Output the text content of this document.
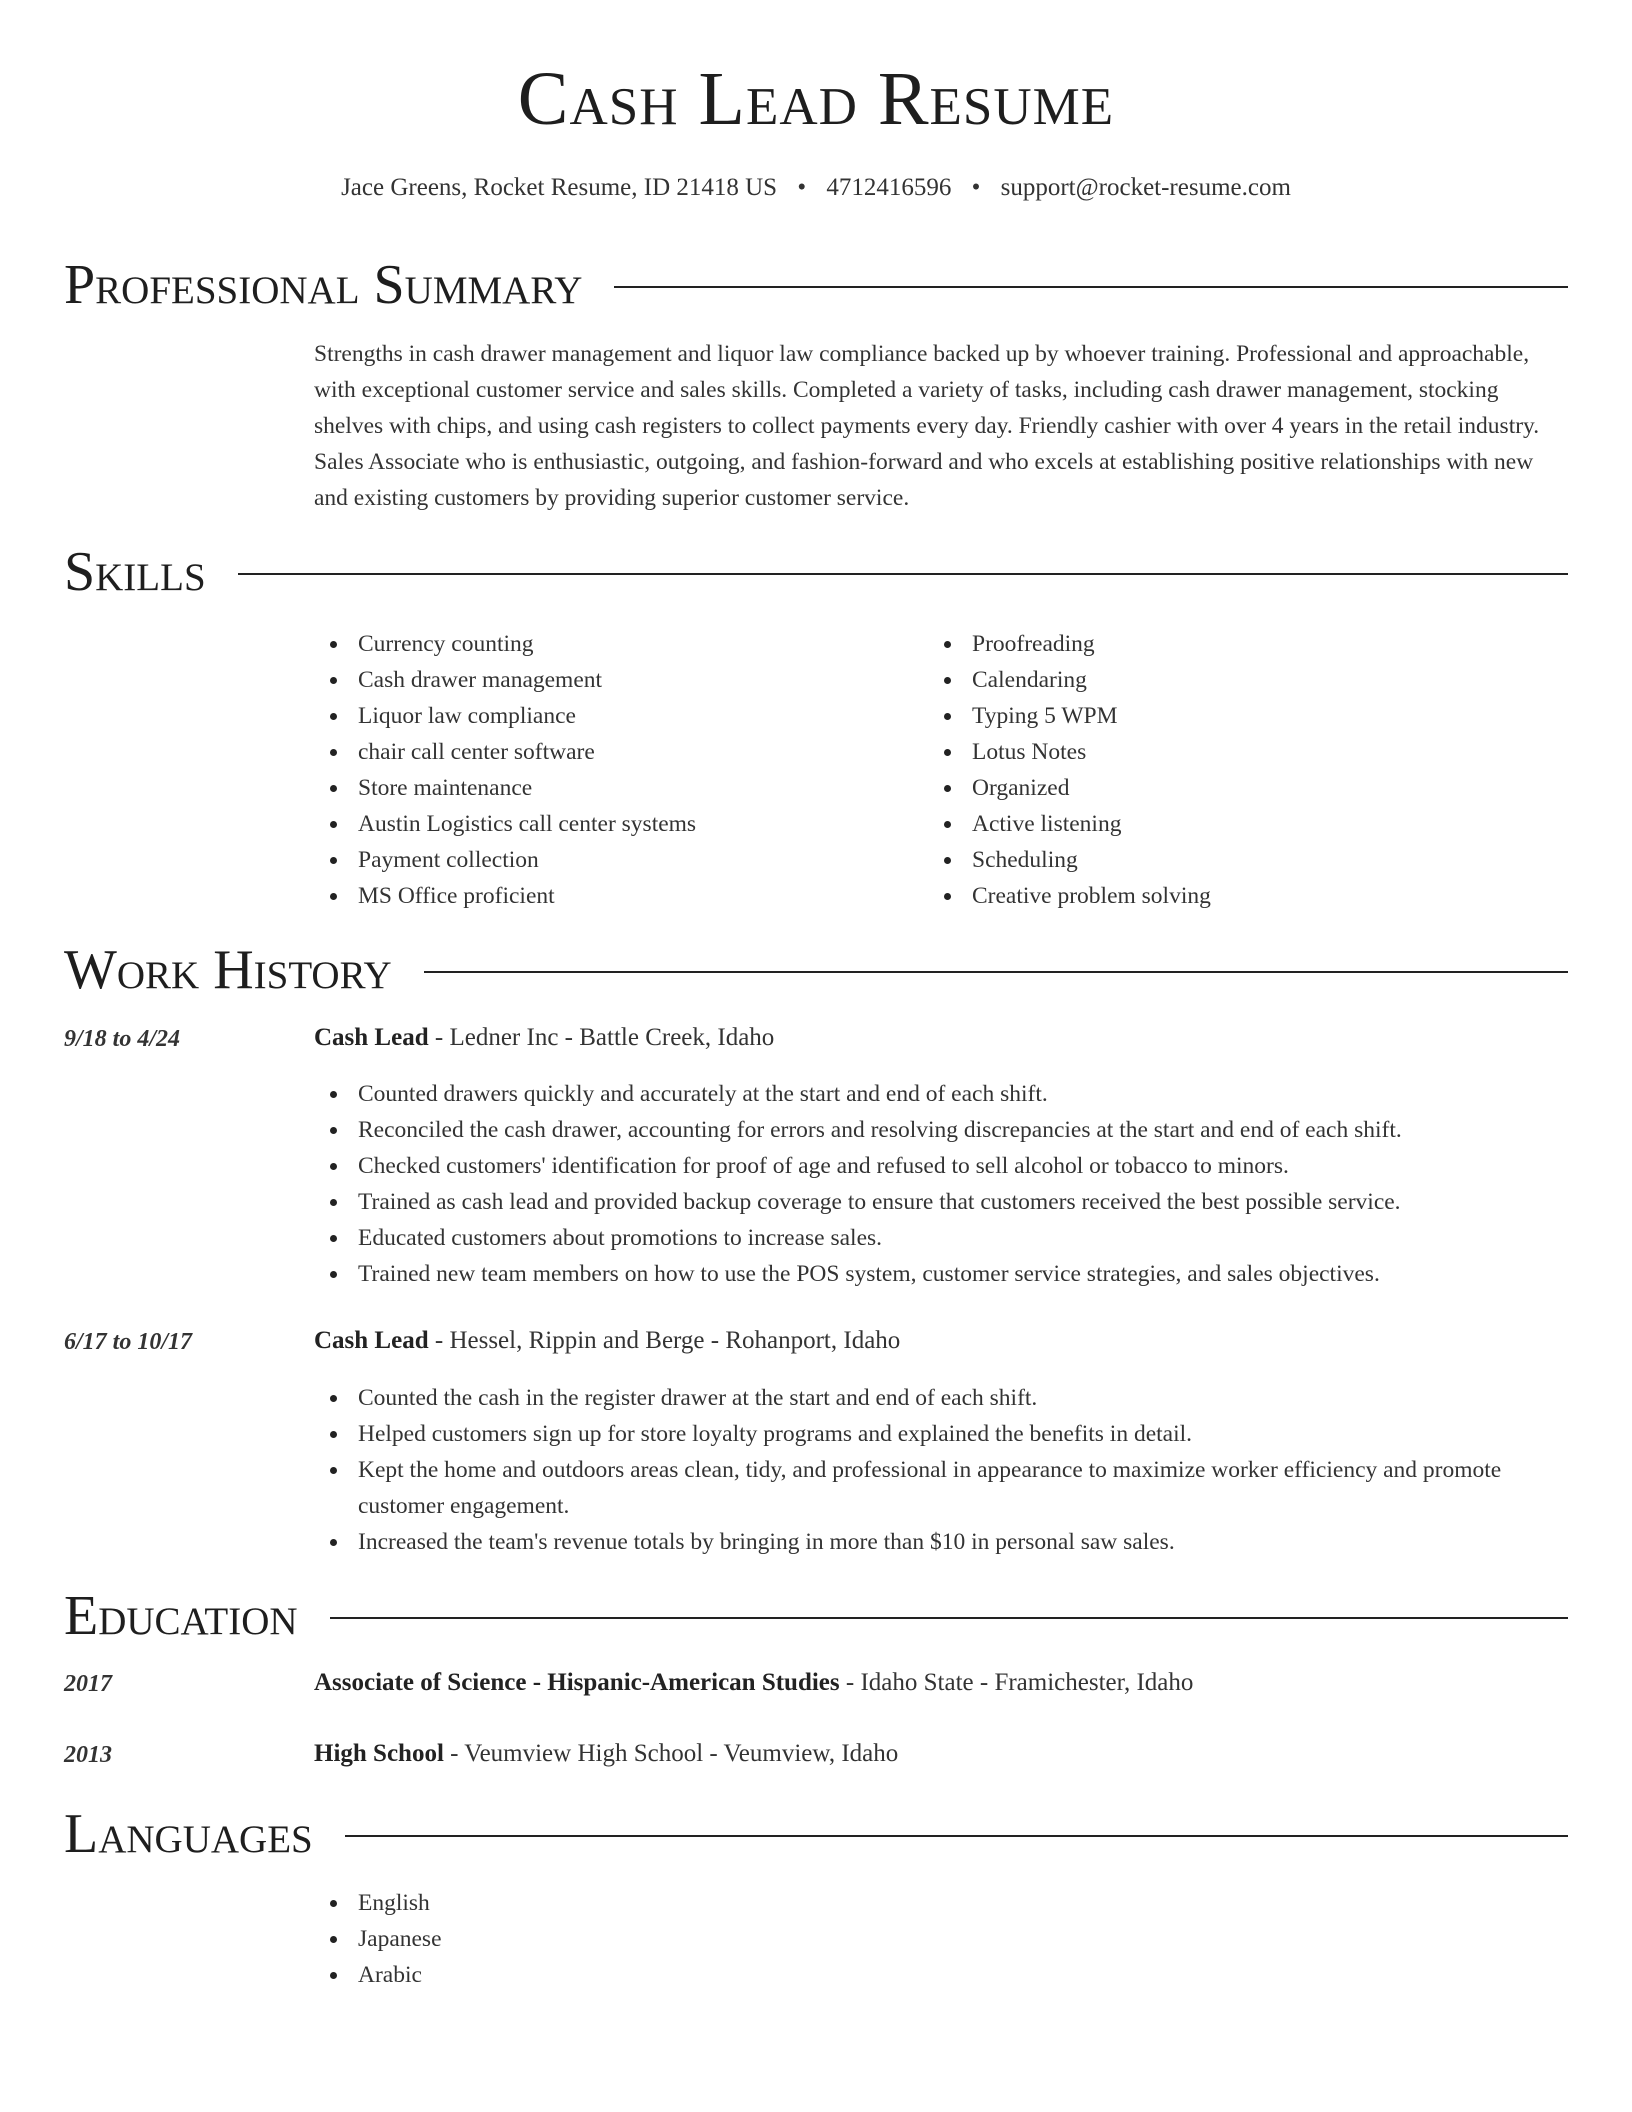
Cash Lead Resume
Jace Greens, Rocket Resume, ID 21418 US • 4712416596 • support@rocket-resume.com
Professional Summary

Strengths in cash drawer management and liquor law compliance backed up by whoever training. Professional and approachable, with exceptional customer service and sales skills. Completed a variety of tasks, including cash drawer management, stocking shelves with chips, and using cash registers to collect payments every day. Friendly cashier with over 4 years in the retail industry. Sales Associate who is enthusiastic, outgoing, and fashion-forward and who excels at establishing positive relationships with new and existing customers by providing superior customer service.

Skills
Currency counting
Cash drawer management
Liquor law compliance
chair call center software
Store maintenance
Austin Logistics call center systems
Payment collection
MS Office proficient
Proofreading
Calendaring
Typing 5 WPM
Lotus Notes
Organized
Active listening
Scheduling
Creative problem solving
Work History
9/18 to 4/24	Cash Lead - Ledner Inc - Battle Creek, Idaho
Counted drawers quickly and accurately at the start and end of each shift.
Reconciled the cash drawer, accounting for errors and resolving discrepancies at the start and end of each shift.
Checked customers' identification for proof of age and refused to sell alcohol or tobacco to minors.
Trained as cash lead and provided backup coverage to ensure that customers received the best possible service.
Educated customers about promotions to increase sales.
Trained new team members on how to use the POS system, customer service strategies, and sales objectives.
6/17 to 10/17	Cash Lead - Hessel, Rippin and Berge - Rohanport, Idaho
Counted the cash in the register drawer at the start and end of each shift.
Helped customers sign up for store loyalty programs and explained the benefits in detail.
Kept the home and outdoors areas clean, tidy, and professional in appearance to maximize worker efficiency and promote customer engagement.
Increased the team's revenue totals by bringing in more than $10 in personal saw sales.
Education
2017	Associate of Science - Hispanic-American Studies - Idaho State - Framichester, Idaho
2013	High School - Veumview High School - Veumview, Idaho
Languages
English
Japanese
Arabic
